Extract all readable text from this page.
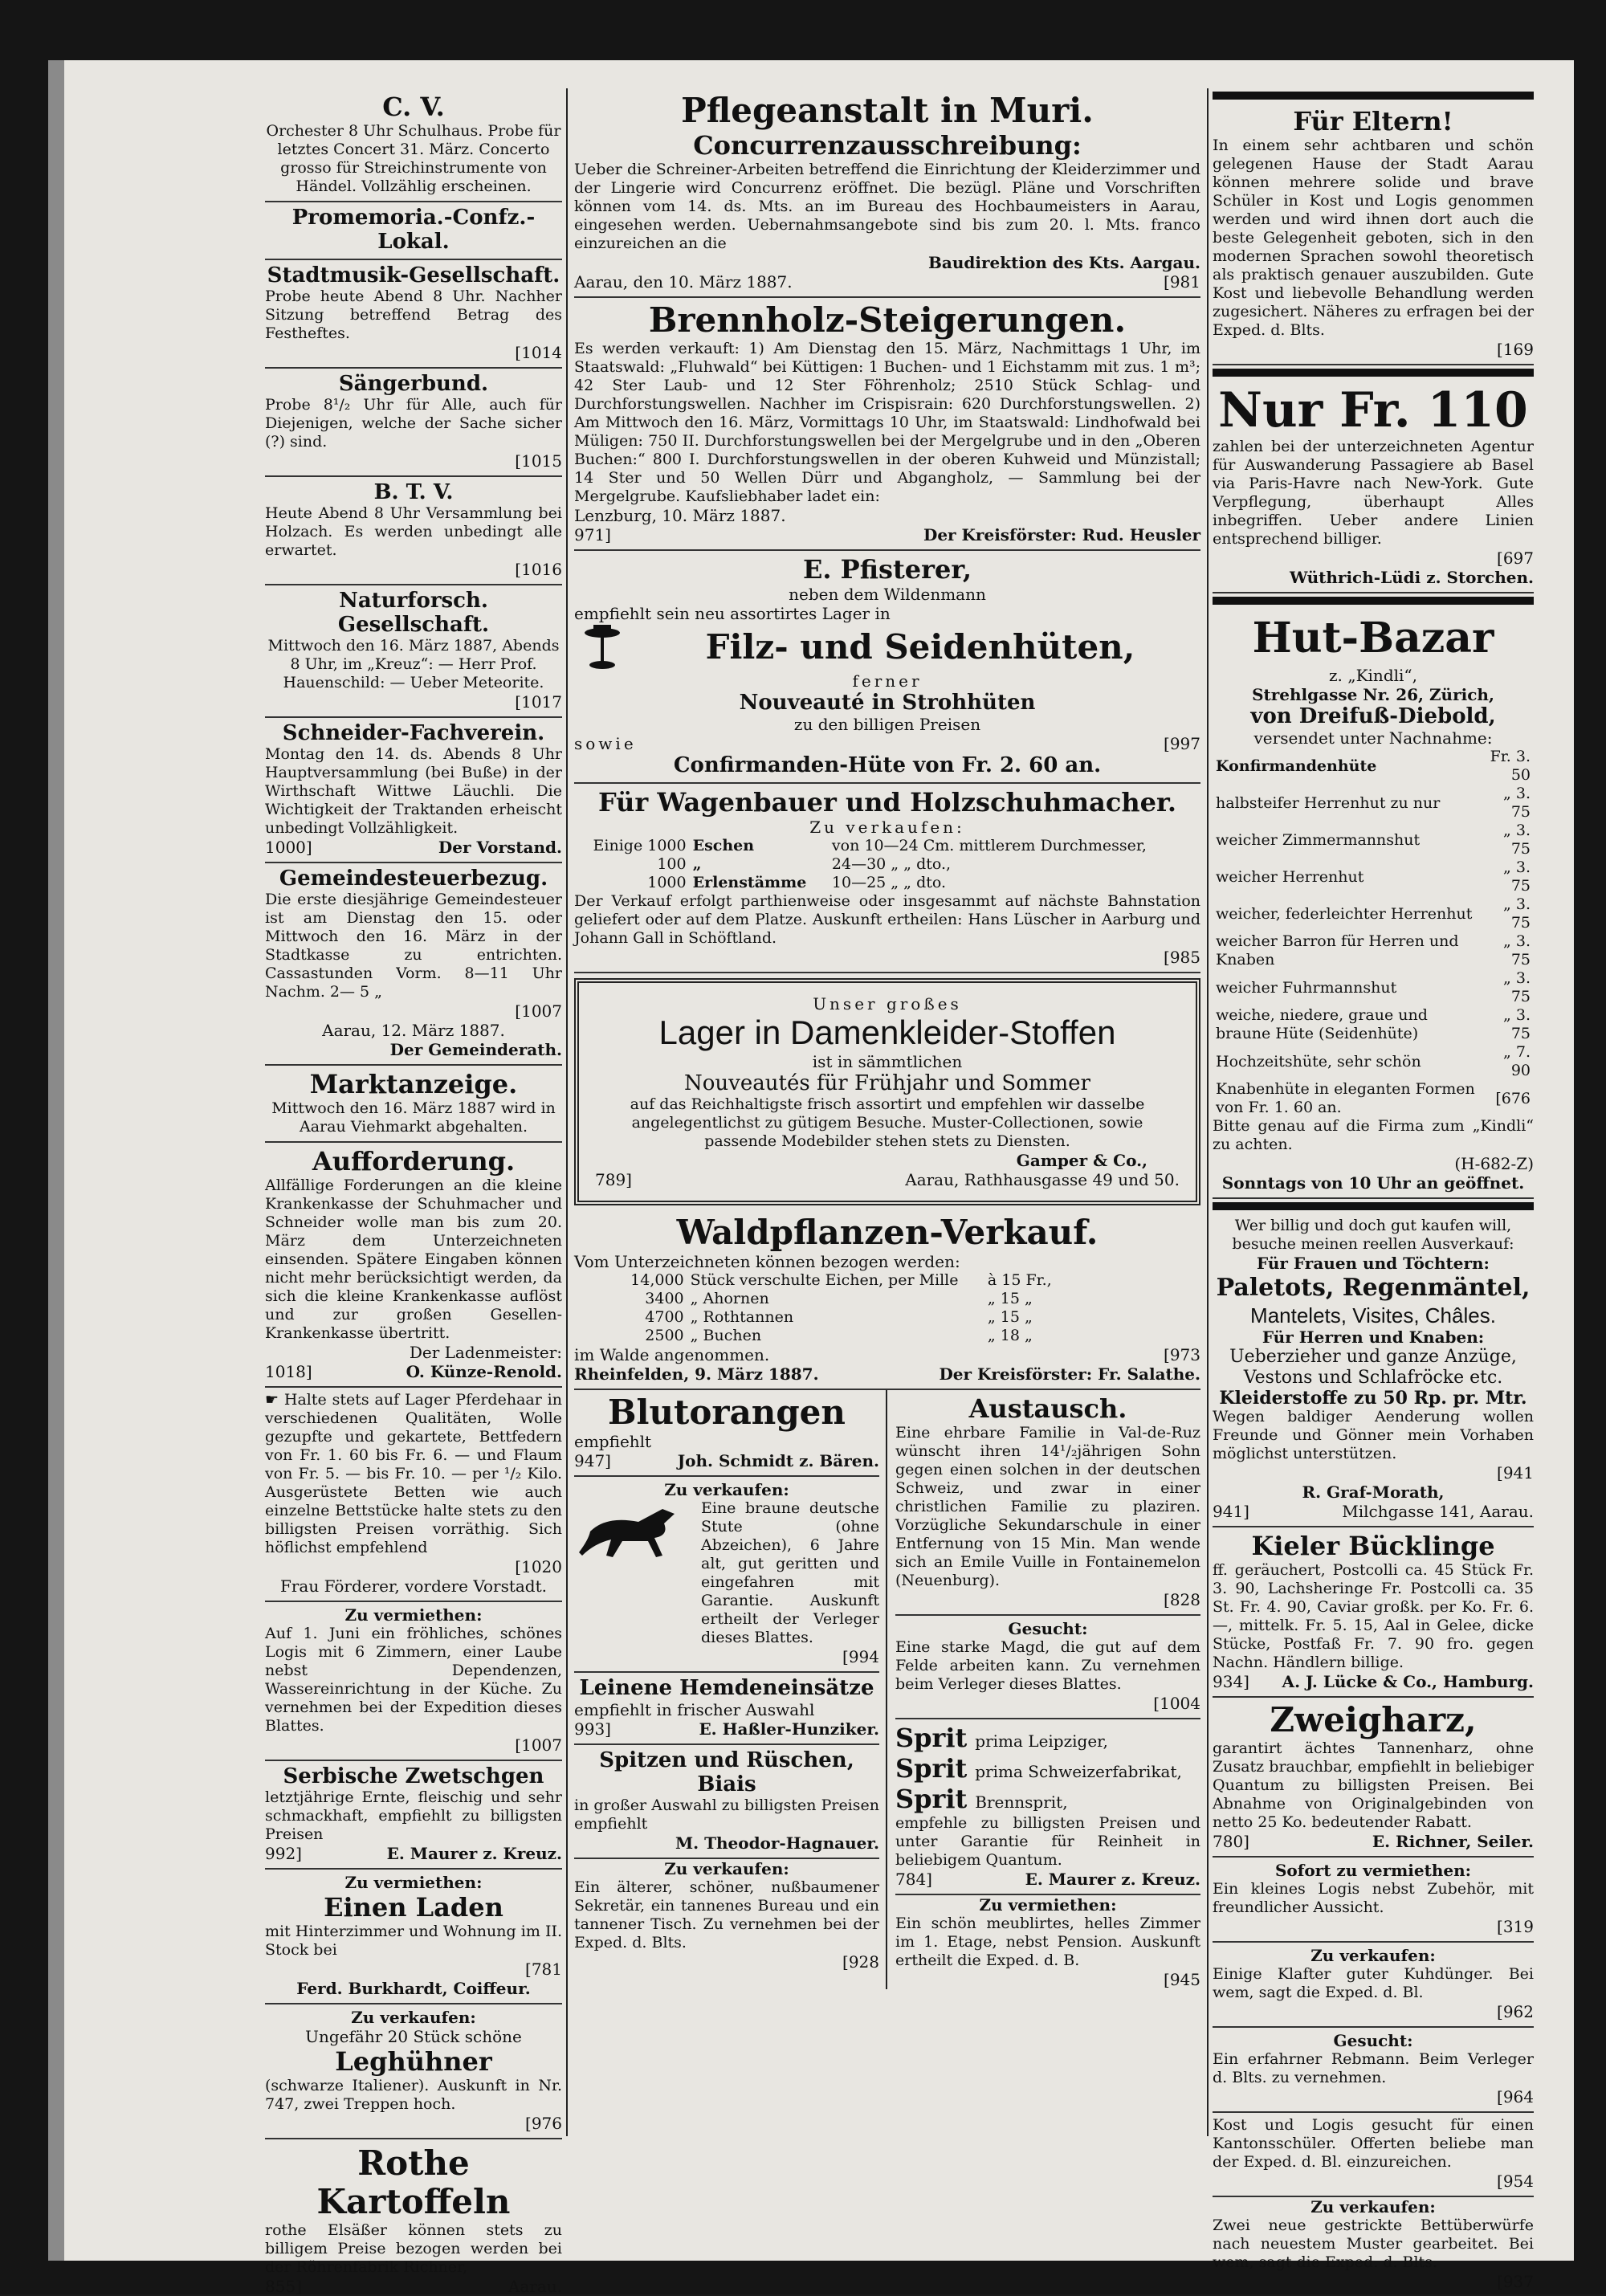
C. V.
Orchester 8 Uhr Schulhaus. Probe für letztes Concert 31. März. Concerto grosso für Streichinstrumente von Händel. Vollzählig erscheinen.
Promemoria.-Confz.-Lokal.
Stadtmusik-Gesellschaft.
Probe heute Abend 8 Uhr. Nachher Sitzung betreffend Betrag des Festheftes.
[1014
Sängerbund.
Probe 8¹/₂ Uhr für Alle, auch für Diejenigen, welche der Sache sicher (?) sind.
[1015
B. T. V.
Heute Abend 8 Uhr Versammlung bei Holzach. Es werden unbedingt alle erwartet.
[1016
Naturforsch. Gesellschaft.
Mittwoch den 16. März 1887, Abends 8 Uhr, im „Kreuz“: — Herr Prof. Hauenschild: — Ueber Meteorite.
[1017
Schneider-Fachverein.
Montag den 14. ds. Abends 8 Uhr Hauptversammlung (bei Buße) in der Wirthschaft Wittwe Läuchli. Die Wichtigkeit der Traktanden erheischt unbedingt Vollzähligkeit.
1000]	Der Vorstand.
Gemeindesteuerbezug.
Die erste diesjährige Gemeindesteuer ist am Dienstag den 15. oder Mittwoch den 16. März in der Stadtkasse zu entrichten. Cassastunden Vorm. 8—11 Uhr Nachm. 2— 5 „
[1007
Aarau, 12. März 1887.
Der Gemeinderath.
Marktanzeige.
Mittwoch den 16. März 1887 wird in Aarau Viehmarkt abgehalten.
Aufforderung.
Allfällige Forderungen an die kleine Krankenkasse der Schuhmacher und Schneider wolle man bis zum 20. März dem Unterzeichneten einsenden. Spätere Eingaben können nicht mehr berücksichtigt werden, da sich die kleine Krankenkasse auflöst und zur großen Gesellen-Krankenkasse übertritt.
Der Ladenmeister:
1018]	O. Künze-Renold.
☛ Halte stets auf Lager Pferdehaar in verschiedenen Qualitäten, Wolle gezupfte und gekartete, Bettfedern von Fr. 1. 60 bis Fr. 6. — und Flaum von Fr. 5. — bis Fr. 10. — per ¹/₂ Kilo. Ausgerüstete Betten wie auch einzelne Bettstücke halte stets zu den billigsten Preisen vorräthig. Sich höflichst empfehlend
[1020
Frau Förderer, vordere Vorstadt.
Zu vermiethen:
Auf 1. Juni ein fröhliches, schönes Logis mit 6 Zimmern, einer Laube nebst Dependenzen, Wassereinrichtung in der Küche. Zu vernehmen bei der Expedition dieses Blattes.
[1007
Serbische Zwetschgen
letztjährige Ernte, fleischig und sehr schmackhaft, empfiehlt zu billigsten Preisen
992]	E. Maurer z. Kreuz.
Zu vermiethen:
Einen Laden
mit Hinterzimmer und Wohnung im II. Stock bei
[781
Ferd. Burkhardt, Coiffeur.
Zu verkaufen:
Ungefähr 20 Stück schöne
Leghühner
(schwarze Italiener). Auskunft in Nr. 747, zwei Treppen hoch.
[976
Rothe Kartoffeln
rothe Elsäßer können stets zu billigem Preise bezogen werden bei der Röhrenfabrik Richner,
855]	Aarau.
Pflegeanstalt in Muri.
Concurrenzausschreibung:
Ueber die Schreiner-Arbeiten betreffend die Einrichtung der Kleiderzimmer und der Lingerie wird Concurrenz eröffnet. Die bezügl. Pläne und Vorschriften können vom 14. ds. Mts. an im Bureau des Hochbaumeisters in Aarau, eingesehen werden. Uebernahmsangebote sind bis zum 20. l. Mts. franco einzureichen an die
Baudirektion des Kts. Aargau.
Aarau, den 10. März 1887.	[981
Brennholz-Steigerungen.
Es werden verkauft: 1) Am Dienstag den 15. März, Nachmittags 1 Uhr, im Staatswald: „Fluhwald“ bei Küttigen: 1 Buchen- und 1 Eichstamm mit zus. 1 m³; 42 Ster Laub- und 12 Ster Föhrenholz; 2510 Stück Schlag- und Durchforstungswellen. Nachher im Crispisrain: 620 Durchforstungswellen. 2) Am Mittwoch den 16. März, Vormittags 10 Uhr, im Staatswald: Lindhofwald bei Müligen: 750 II. Durchforstungswellen bei der Mergelgrube und in den „Oberen Buchen:“ 800 I. Durchforstungswellen in der oberen Kuhweid und Münzistall; 14 Ster und 50 Wellen Dürr und Abgangholz, — Sammlung bei der Mergelgrube. Kaufsliebhaber ladet ein:
Lenzburg, 10. März 1887.
971]	Der Kreisförster: Rud. Heusler
E. Pfisterer,
neben dem Wildenmann
empfiehlt sein neu assortirtes Lager in
Filz- und Seidenhüten,
ferner
Nouveauté in Strohhüten
zu den billigen Preisen
sowie	[997
Confirmanden-Hüte von Fr. 2. 60 an.
Für Wagenbauer und Holzschuhmacher.
Zu verkaufen:
Einige 1000	Eschen	von 10—24 Cm. mittlerem Durchmesser,
100	„	24—30 „ „ dto.,
1000	Erlenstämme	10—25 „ „ dto.
Der Verkauf erfolgt parthienweise oder insgesammt auf nächste Bahnstation geliefert oder auf dem Platze. Auskunft ertheilen: Hans Lüscher in Aarburg und Johann Gall in Schöftland.
[985
Unser großes
Lager in Damenkleider-Stoffen
ist in sämmtlichen
Nouveautés für Frühjahr und Sommer
auf das Reichhaltigste frisch assortirt und empfehlen wir dasselbe angelegentlichst zu gütigem Besuche. Muster-Collectionen, sowie passende Modebilder stehen stets zu Diensten.
Gamper & Co.,
789]	Aarau, Rathhausgasse 49 und 50.
Waldpflanzen-Verkauf.
Vom Unterzeichneten können bezogen werden:
14,000	Stück verschulte Eichen, per Mille	à 15 Fr.,
3400	„ Ahornen	„ 15 „
4700	„ Rothtannen	„ 15 „
2500	„ Buchen	„ 18 „
im Walde angenommen.	[973
Rheinfelden, 9. März 1887.	Der Kreisförster: Fr. Salathe.
Blutorangen
empfiehlt
947]	Joh. Schmidt z. Bären.
Zu verkaufen:
Eine braune deutsche Stute (ohne Abzeichen), 6 Jahre alt, gut geritten und eingefahren mit Garantie. Auskunft ertheilt der Verleger dieses Blattes.
[994
Leinene Hemdeneinsätze
empfiehlt in frischer Auswahl
993]	E. Haßler-Hunziker.
Spitzen und Rüschen,
Biais
in großer Auswahl zu billigsten Preisen empfiehlt
M. Theodor-Hagnauer.
Zu verkaufen:
Ein älterer, schöner, nußbaumener Sekretär, ein tannenes Bureau und ein tannener Tisch. Zu vernehmen bei der Exped. d. Blts.
[928
Austausch.
Eine ehrbare Familie in Val-de-Ruz wünscht ihren 14¹/₂jährigen Sohn gegen einen solchen in der deutschen Schweiz, und zwar in einer christlichen Familie zu plaziren. Vorzügliche Sekundarschule in einer Entfernung von 15 Min. Man wende sich an Emile Vuille in Fontainemelon (Neuenburg).
[828
Gesucht:
Eine starke Magd, die gut auf dem Felde arbeiten kann. Zu vernehmen beim Verleger dieses Blattes.
[1004
Sprit prima Leipziger,
Sprit prima Schweizerfabrikat,
Sprit Brennsprit,
empfehle zu billigsten Preisen und unter Garantie für Reinheit in beliebigem Quantum.
784]	E. Maurer z. Kreuz.
Zu vermiethen:
Ein schön meublirtes, helles Zimmer im 1. Etage, nebst Pension. Auskunft ertheilt die Exped. d. B.
[945
Für Eltern!
In einem sehr achtbaren und schön gelegenen Hause der Stadt Aarau können mehrere solide und brave Schüler in Kost und Logis genommen werden und wird ihnen dort auch die beste Gelegenheit geboten, sich in den modernen Sprachen sowohl theoretisch als praktisch genauer auszubilden. Gute Kost und liebevolle Behandlung werden zugesichert. Näheres zu erfragen bei der Exped. d. Blts.
[169
Nur Fr. 110
zahlen bei der unterzeichneten Agentur für Auswanderung Passagiere ab Basel via Paris-Havre nach New-York. Gute Verpflegung, überhaupt Alles inbegriffen. Ueber andere Linien entsprechend billiger.
[697
Wüthrich-Lüdi z. Storchen.
Hut-Bazar
z. „Kindli“,
Strehlgasse Nr. 26, Zürich,
von Dreifuß-Diebold,
versendet unter Nachnahme:
Konfirmandenhüte	Fr. 3. 50
halbsteifer Herrenhut zu nur	„ 3. 75
weicher Zimmermannshut	„ 3. 75
weicher Herrenhut	„ 3. 75
weicher, federleichter Herrenhut	„ 3. 75
weicher Barron für Herren und Knaben	„ 3. 75
weicher Fuhrmannshut	„ 3. 75
weiche, niedere, graue und braune Hüte (Seidenhüte)	„ 3. 75
Hochzeitshüte, sehr schön	„ 7. 90
Knabenhüte in eleganten Formen von Fr. 1. 60 an.	[676
Bitte genau auf die Firma zum „Kindli“ zu achten.
(H-682-Z)
Sonntags von 10 Uhr an geöffnet.
Wer billig und doch gut kaufen will, besuche meinen reellen Ausverkauf:
Für Frauen und Töchtern:
Paletots, Regenmäntel,
Mantelets, Visites, Châles.
Für Herren und Knaben:
Ueberzieher und ganze Anzüge, Vestons und Schlafröcke etc.
Kleiderstoffe zu 50 Rp. pr. Mtr.
Wegen baldiger Aenderung wollen Freunde und Gönner mein Vorhaben möglichst unterstützen.
[941
R. Graf-Morath,
941]	Milchgasse 141, Aarau.
Kieler Bücklinge
ff. geräuchert, Postcolli ca. 45 Stück Fr. 3. 90, Lachsheringe Fr. Postcolli ca. 35 St. Fr. 4. 90, Caviar großk. per Ko. Fr. 6. —, mittelk. Fr. 5. 15, Aal in Gelee, dicke Stücke, Postfaß Fr. 7. 90 fro. gegen Nachn. Händlern billige.
934] A. J. Lücke & Co., Hamburg.
Zweigharz,
garantirt ächtes Tannenharz, ohne Zusatz brauchbar, empfiehlt in beliebiger Quantum zu billigsten Preisen. Bei Abnahme von Originalgebinden von netto 25 Ko. bedeutender Rabatt.
780]	E. Richner, Seiler.
Sofort zu vermiethen:
Ein kleines Logis nebst Zubehör, mit freundlicher Aussicht.
[319
Zu verkaufen:
Einige Klafter guter Kuhdünger. Bei wem, sagt die Exped. d. Bl.
[962
Gesucht:
Ein erfahrner Rebmann. Beim Verleger d. Blts. zu vernehmen.
[964
Kost und Logis gesucht für einen Kantonsschüler. Offerten beliebe man der Exped. d. Bl. einzureichen.
[954
Zu verkaufen:
Zwei neue gestrickte Bettüberwürfe nach neuestem Muster gearbeitet. Bei wem, sagt die Exped. d. Blts.
[937
